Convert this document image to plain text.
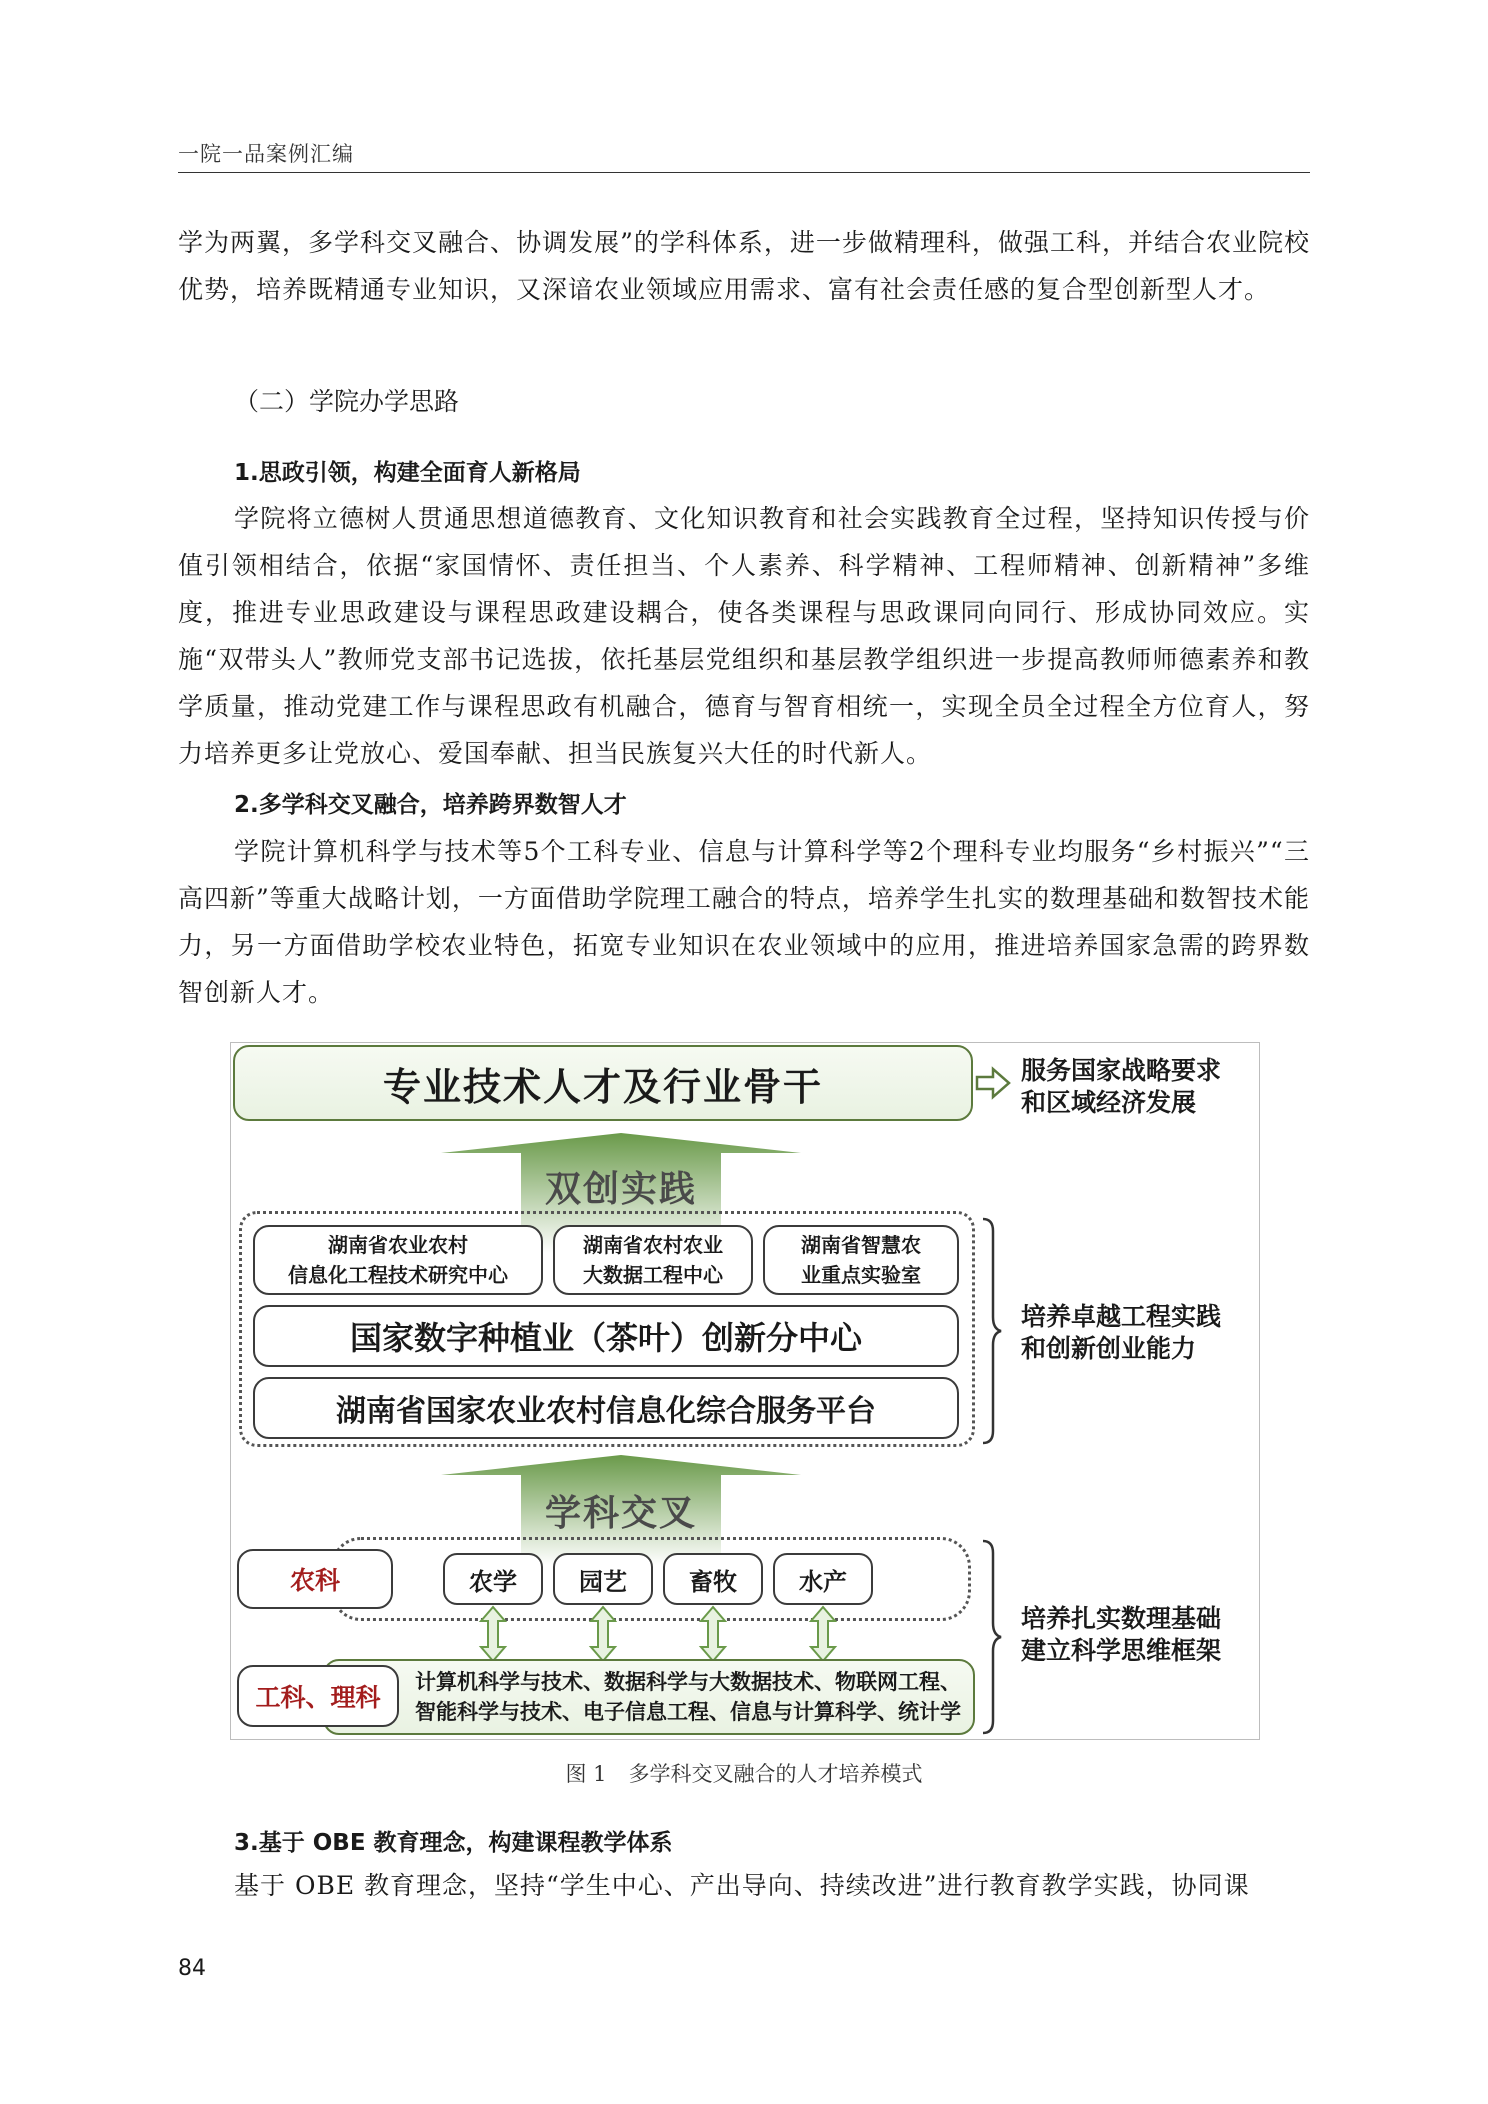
一院一品案例汇编
学为两翼，多学科交叉融合、协调发展”的学科体系，进一步做精理科，做强工科，并结合农业院校优势，培养既精通专业知识，又深谙农业领域应用需求、富有社会责任感的复合型创新型人才。
（二）学院办学思路
1.思政引领，构建全面育人新格局
学院将立德树人贯通思想道德教育、文化知识教育和社会实践教育全过程，坚持知识传授与价值引领相结合，依据“家国情怀、责任担当、个人素养、科学精神、工程师精神、创新精神”多维度，推进专业思政建设与课程思政建设耦合，使各类课程与思政课同向同行、形成协同效应。实施“双带头人”教师党支部书记选拔，依托基层党组织和基层教学组织进一步提高教师师德素养和教学质量，推动党建工作与课程思政有机融合，德育与智育相统一，实现全员全过程全方位育人，努力培养更多让党放心、爱国奉献、担当民族复兴大任的时代新人。
2.多学科交叉融合，培养跨界数智人才
学院计算机科学与技术等5个工科专业、信息与计算科学等2个理科专业均服务“乡村振兴”“三高四新”等重大战略计划，一方面借助学院理工融合的特点，培养学生扎实的数理基础和数智技术能力，另一方面借助学校农业特色，拓宽专业知识在农业领域中的应用，推进培养国家急需的跨界数智创新人才。
专业技术人才及行业骨干	服务国家战略要求
和区域经济发展
双创实践
湖南省农业农村
信息化工程技术研究中心
湖南省农村农业
大数据工程中心
湖南省智慧农
业重点实验室
国家数字种植业（茶叶）创新分中心
湖南省国家农业农村信息化综合服务平台
培养卓越工程实践
和创新创业能力
学科交叉
农科	农学	园艺	畜牧	水产
计算机科学与技术、数据科学与大数据技术、物联网工程、
智能科学与技术、电子信息工程、信息与计算科学、统计学
工科、理科
培养扎实数理基础
建立科学思维框架
图 1 多学科交叉融合的人才培养模式
3.基于 OBE 教育理念，构建课程教学体系
基于 OBE 教育理念，坚持“学生中心、产出导向、持续改进”进行教育教学实践，协同课
84
